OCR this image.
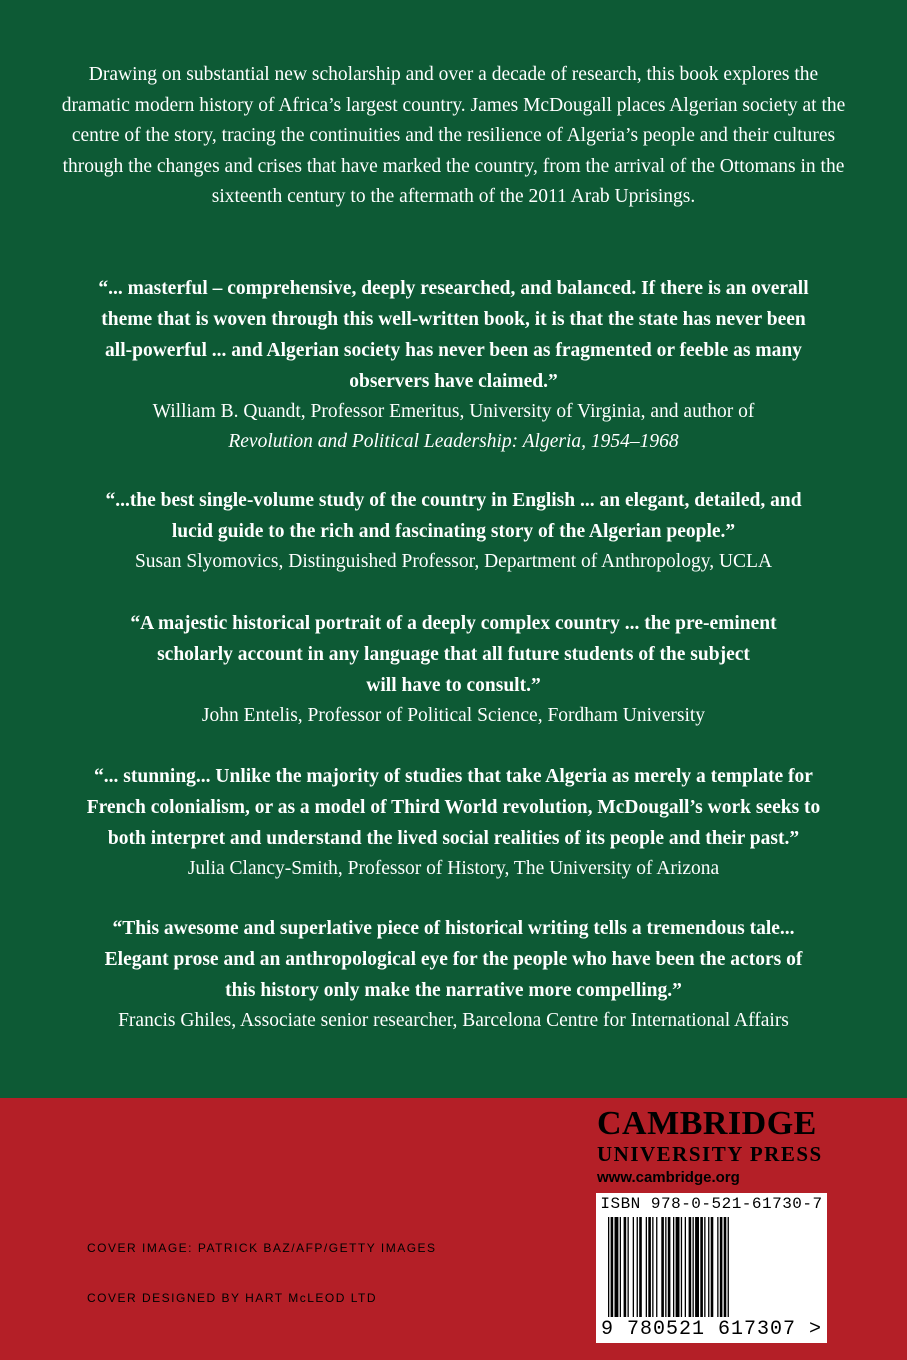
Drawing on substantial new scholarship and over a decade of research, this book explores the dramatic modern history of Africa’s largest country. James McDougall places Algerian society at the centre of the story, tracing the continuities and the resilience of Algeria’s people and their cultures through the changes and crises that have marked the country, from the arrival of the Ottomans in the sixteenth century to the aftermath of the 2011 Arab Uprisings.

“... masterful – comprehensive, deeply researched, and balanced. If there is an overall

theme that is woven through this well-written book, it is that the state has never been

all-powerful ... and Algerian society has never been as fragmented or feeble as many

observers have claimed.”

William B. Quandt, Professor Emeritus, University of Virginia, and author of

Revolution and Political Leadership: Algeria, 1954–1968

“...the best single-volume study of the country in English ... an elegant, detailed, and

lucid guide to the rich and fascinating story of the Algerian people.”

Susan Slyomovics, Distinguished Professor, Department of Anthropology, UCLA

“A majestic historical portrait of a deeply complex country ... the pre-eminent

scholarly account in any language that all future students of the subject

will have to consult.”

John Entelis, Professor of Political Science, Fordham University

“... stunning... Unlike the majority of studies that take Algeria as merely a template for

French colonialism, or as a model of Third World revolution, McDougall’s work seeks to

both interpret and understand the lived social realities of its people and their past.”

Julia Clancy-Smith, Professor of History, The University of Arizona

“This awesome and superlative piece of historical writing tells a tremendous tale...

Elegant prose and an anthropological eye for the people who have been the actors of

this history only make the narrative more compelling.”

Francis Ghiles, Associate senior researcher, Barcelona Centre for International Affairs

CAMBRIDGE

UNIVERSITY PRESS

www.cambridge.org

ISBN 978-0-521-61730-7
9 780521 617307 >

COVER IMAGE: PATRICK BAZ/AFP/GETTY IMAGES

COVER DESIGNED BY HART McLEOD LTD
